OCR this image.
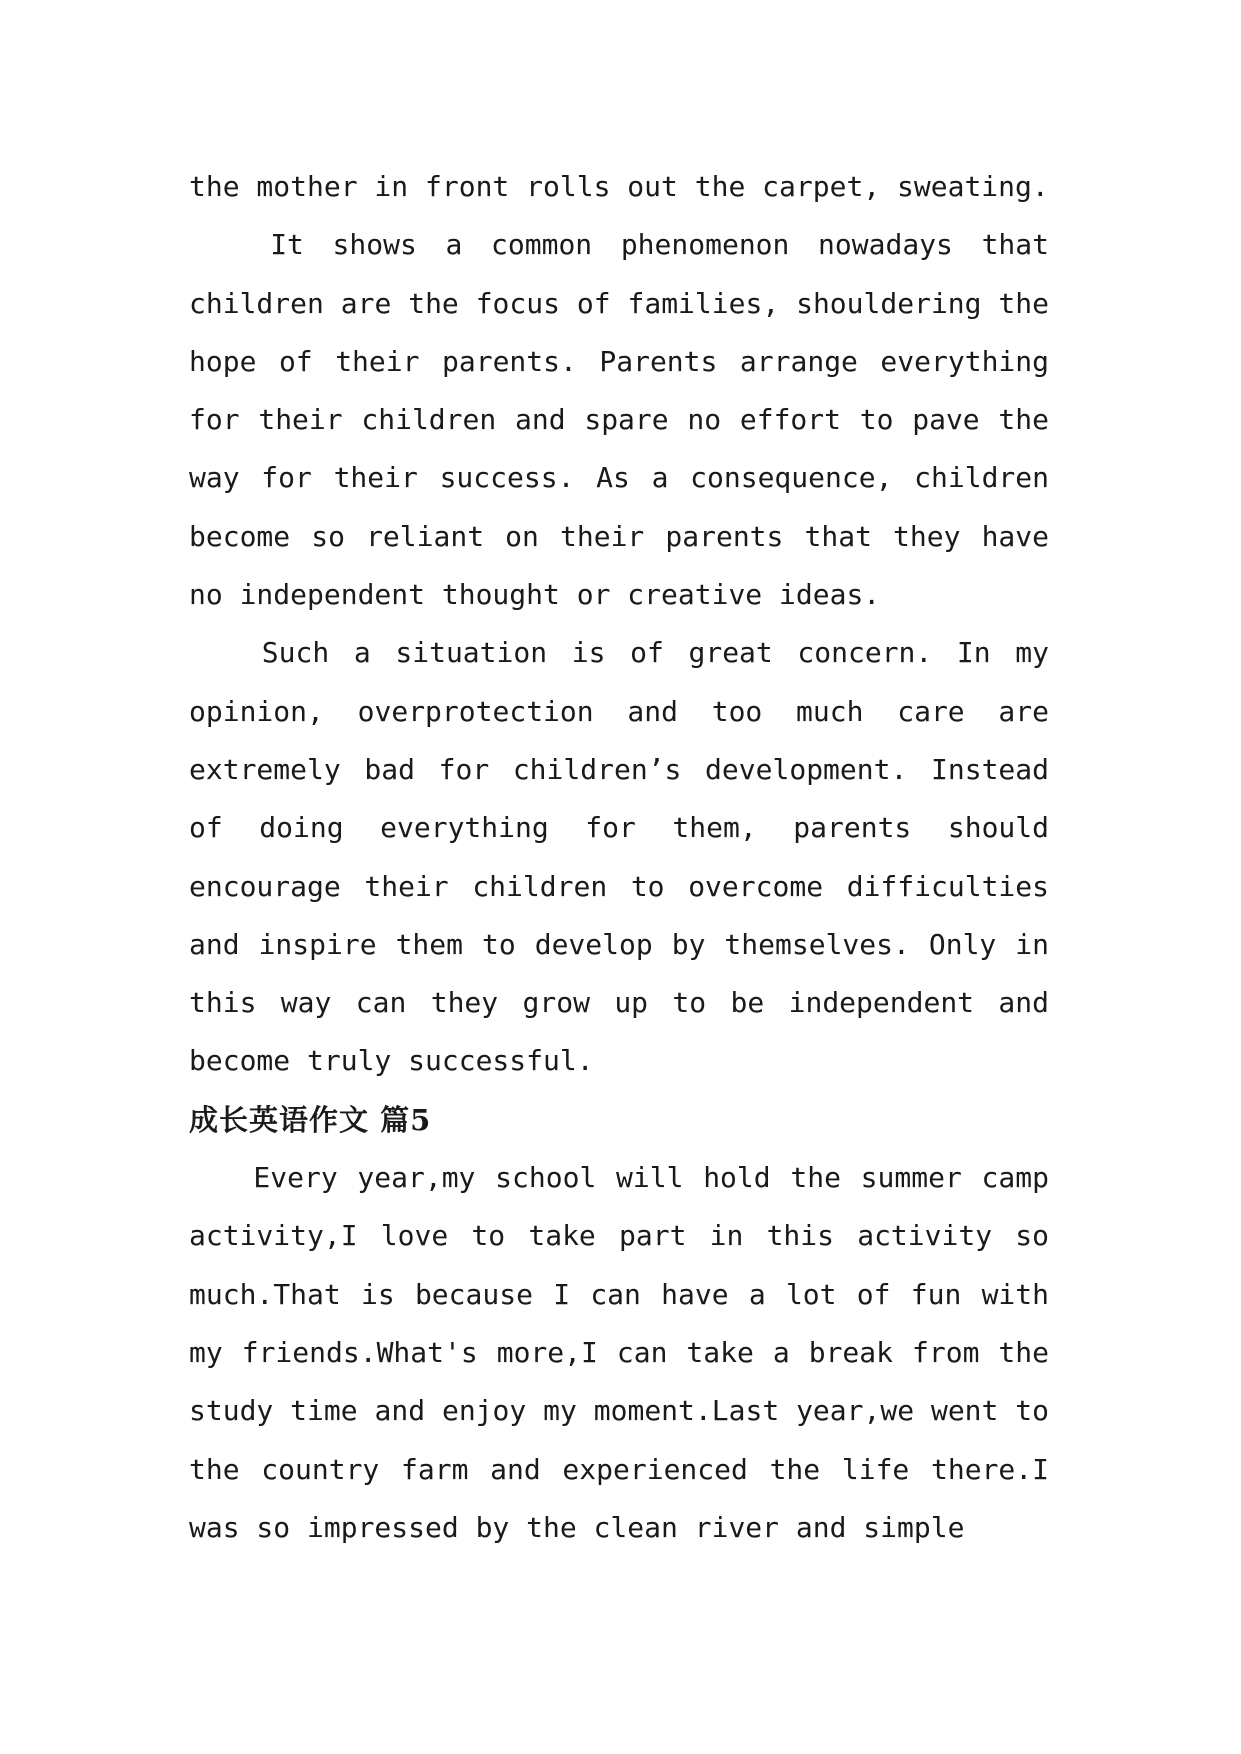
the mother in front rolls out the carpet, sweating.

It shows a common phenomenon nowadays that children are the focus of families, shouldering the hope of their parents. Parents arrange everything for their children and spare no effort to pave the way for their success. As a consequence, children become so reliant on their parents that they have no independent thought or creative ideas.

Such a situation is of great concern. In my opinion, overprotection and too much care are extremely bad for children’s development. Instead of doing everything for them, parents should encourage their children to overcome difficulties and inspire them to develop by themselves. Only in this way can they grow up to be independent and become truly successful.

成长英语作文 篇5

Every year,my school will hold the summer camp activity,I love to take part in this activity so much.That is because I can have a lot of fun with my friends.What's more,I can take a break from the study time and enjoy my moment.Last year,we went to the country farm and experienced the life there.I was so impressed by the clean river and simple
